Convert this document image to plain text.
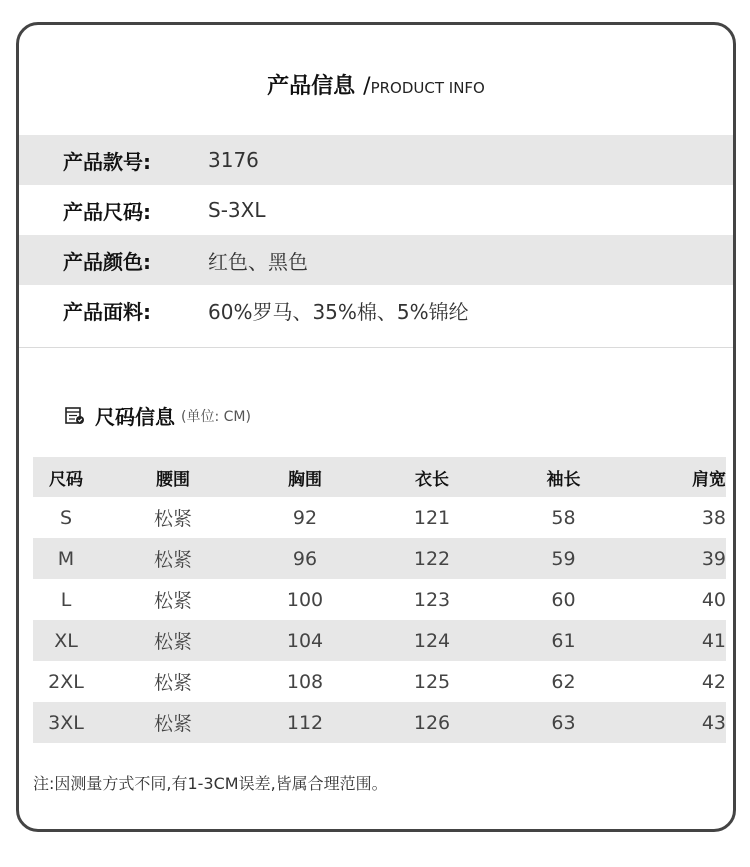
产品信息 /PRODUCT INFO
产品款号:	3176
产品尺码:	S-3XL
产品颜色:	红色、黑色
产品面料:	60%罗马、35%棉、5%锦纶
尺码信息 (单位: CM)
尺码	腰围	胸围	衣长	袖长	肩宽
S	松紧	92	121	58	38
M	松紧	96	122	59	39
L	松紧	100	123	60	40
XL	松紧	104	124	61	41
2XL	松紧	108	125	62	42
3XL	松紧	112	126	63	43
注:因测量方式不同,有1-3CM误差,皆属合理范围。
